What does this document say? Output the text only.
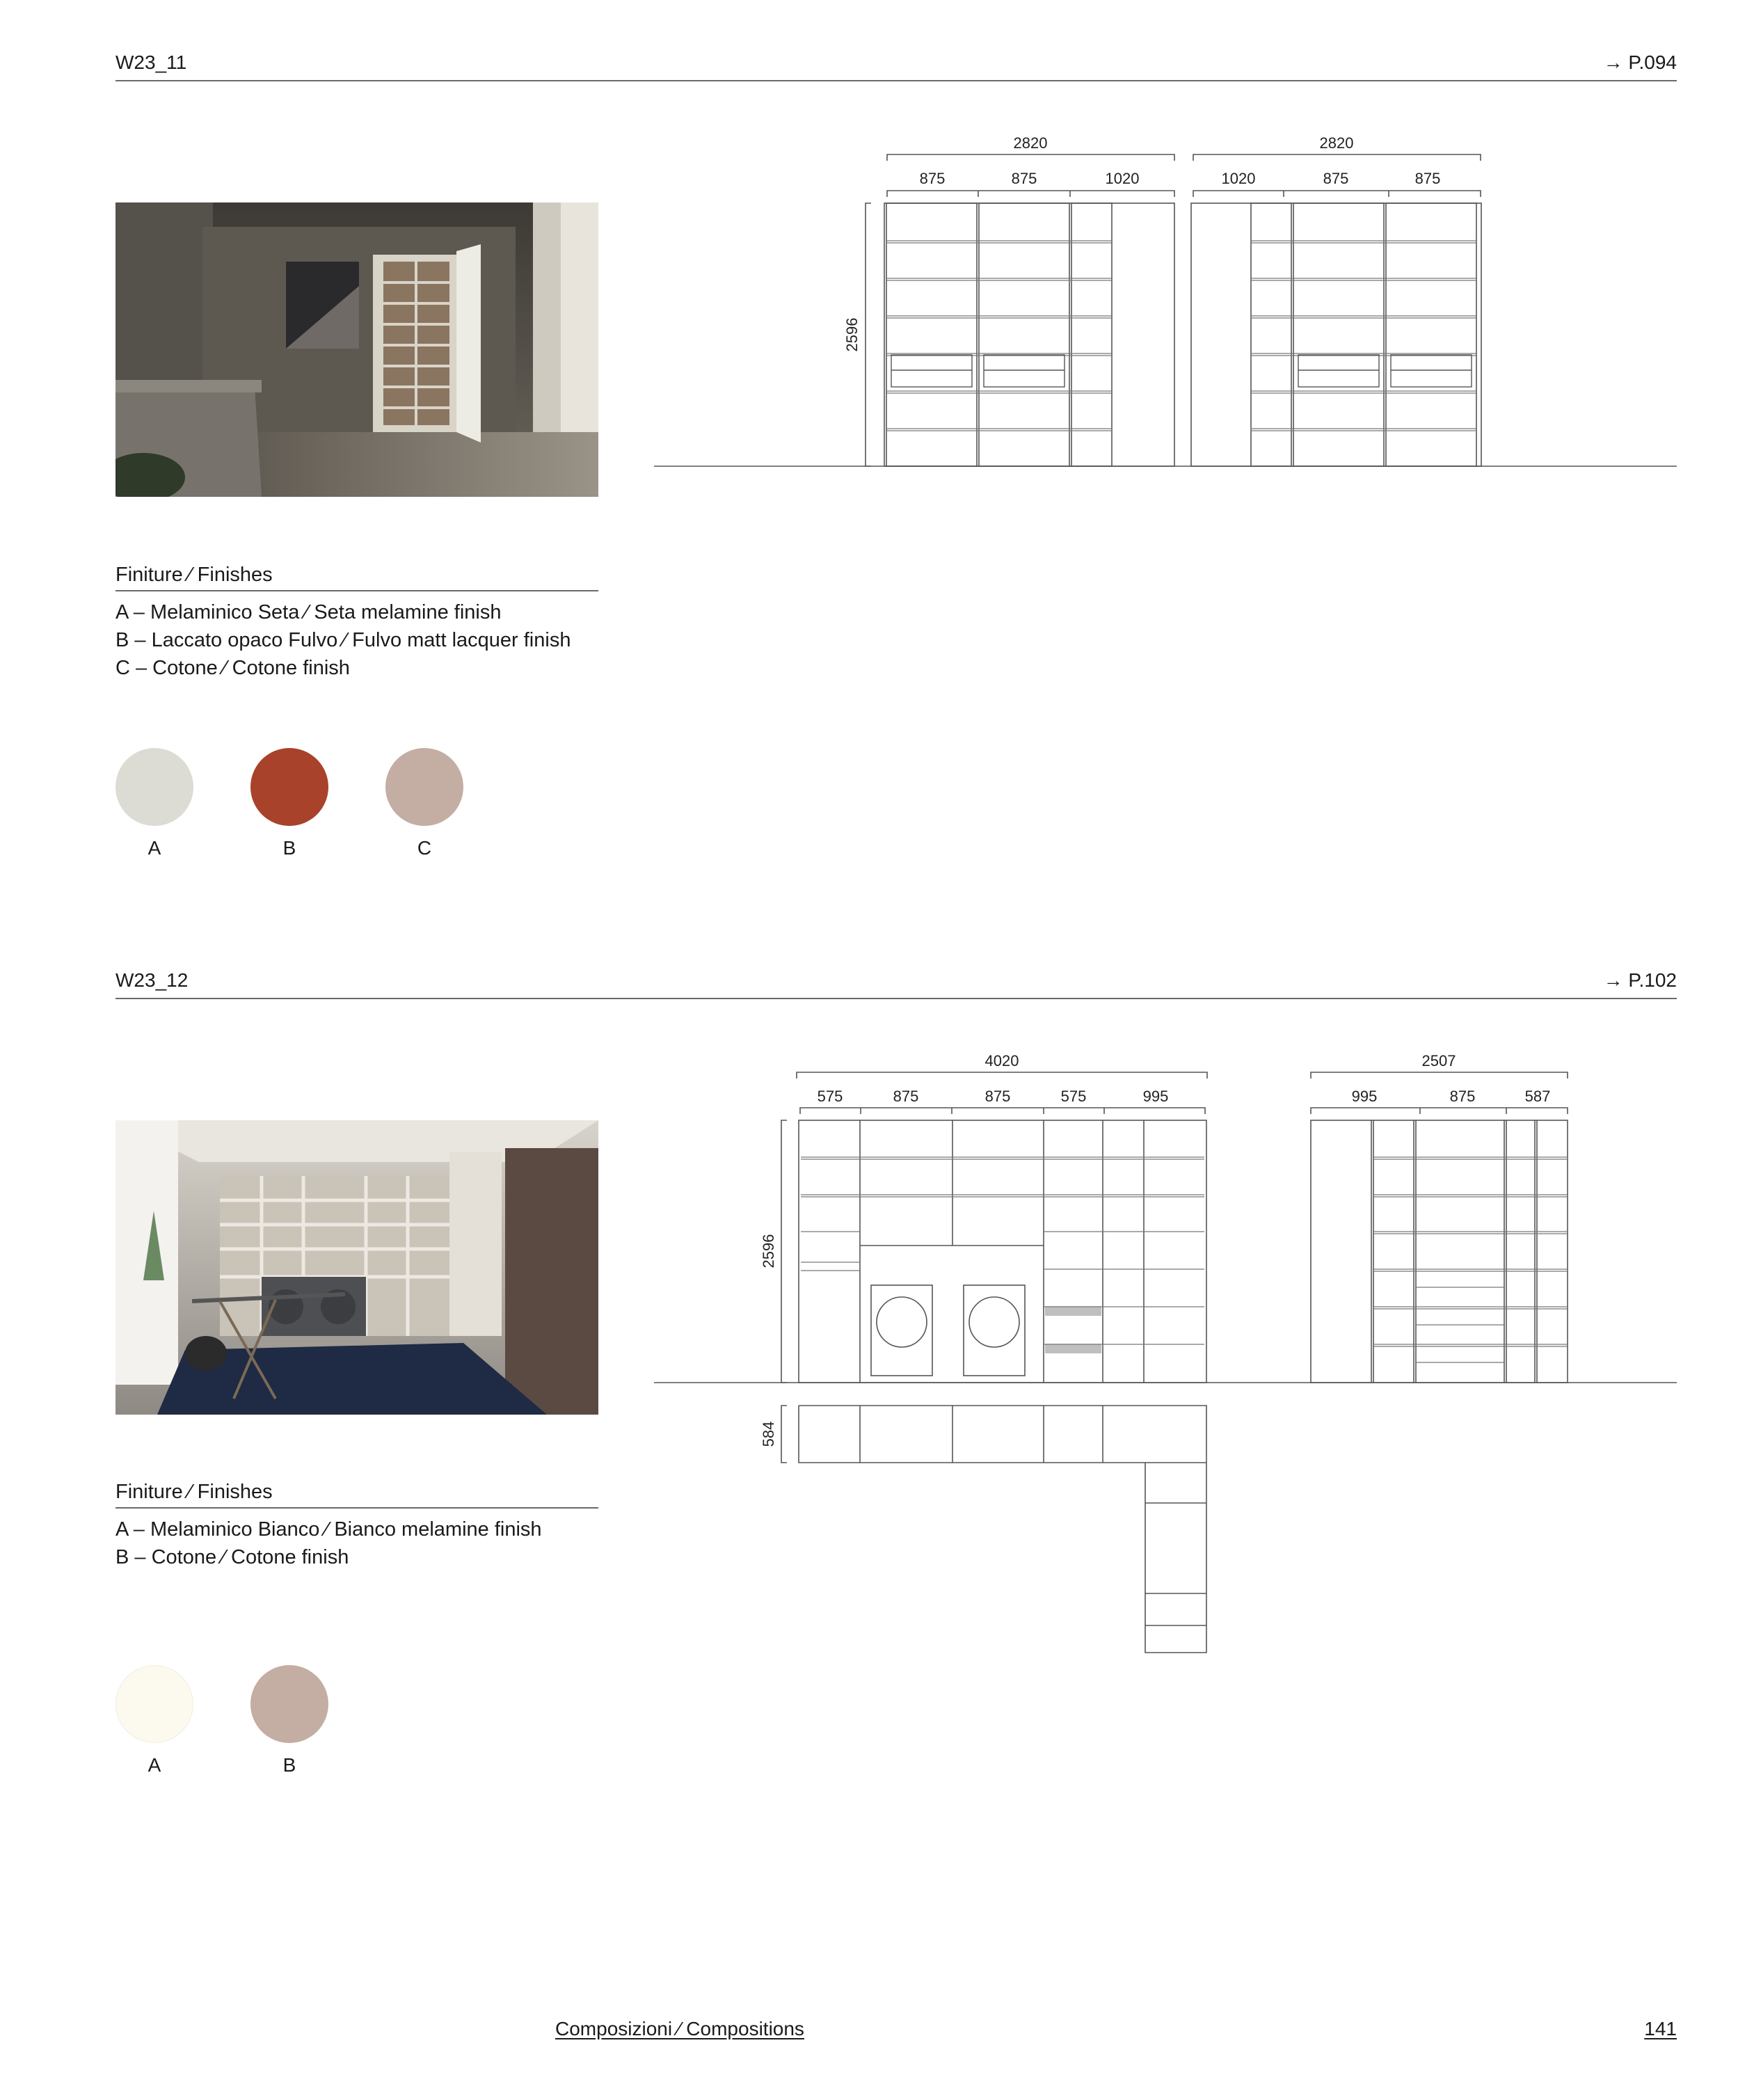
W23_11	→ P.094
2820	2820
875	875	1020	1020	875	875
2596
Finiture ⁄ Finishes
A – Melaminico Seta ⁄ Seta melamine finish
B – Laccato opaco Fulvo ⁄ Fulvo matt lacquer finish
C – Cotone ⁄ Cotone finish
A	B	C
W23_12	→ P.102
4020	2507
575	875	875	575	995	995	875	587
2596
584
Finiture ⁄ Finishes
A – Melaminico Bianco ⁄ Bianco melamine finish
B – Cotone ⁄ Cotone finish
A	B
Composizioni ⁄ Compositions	141
